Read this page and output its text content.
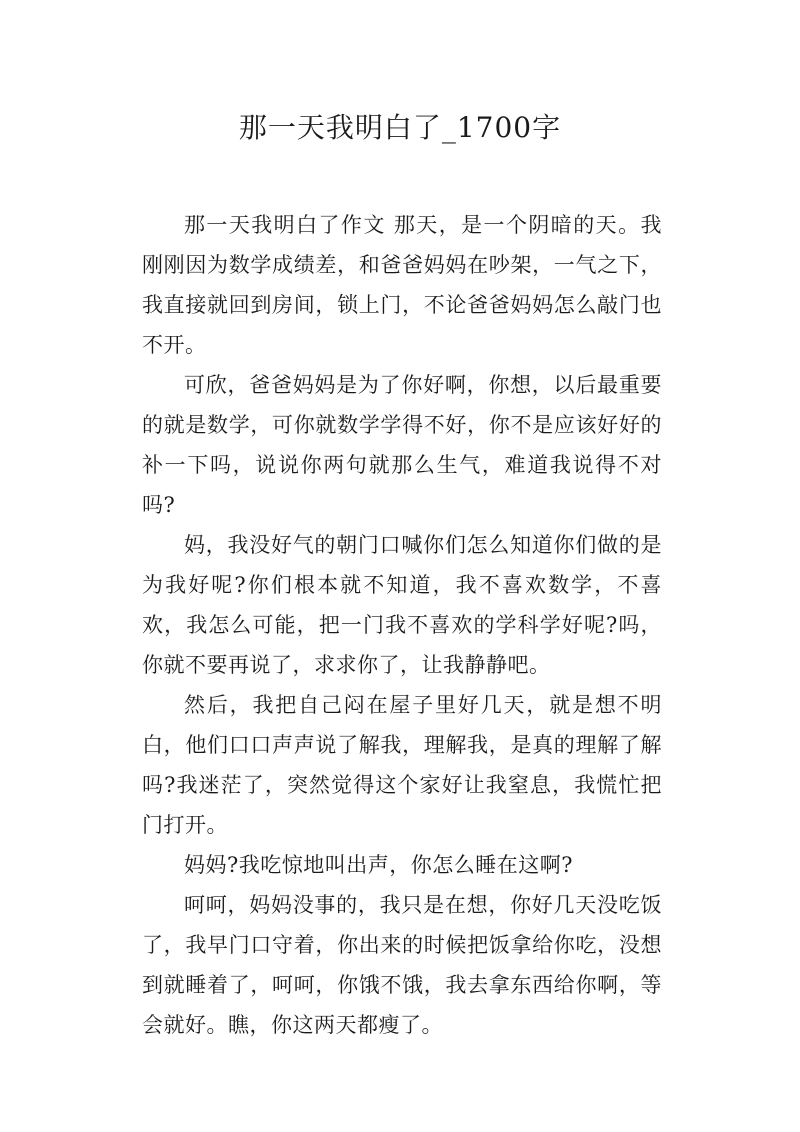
那一天我明白了_1700字

那一天我明白了作文 那天，是一个阴暗的天。我刚刚因为数学成绩差，和爸爸妈妈在吵架，一气之下，我直接就回到房间，锁上门，不论爸爸妈妈怎么敲门也不开。

可欣，爸爸妈妈是为了你好啊，你想，以后最重要的就是数学，可你就数学学得不好，你不是应该好好的补一下吗，说说你两句就那么生气，难道我说得不对吗?

妈，我没好气的朝门口喊你们怎么知道你们做的是为我好呢?你们根本就不知道，我不喜欢数学，不喜欢，我怎么可能，把一门我不喜欢的学科学好呢?吗，你就不要再说了，求求你了，让我静静吧。

然后，我把自己闷在屋子里好几天，就是想不明白，他们口口声声说了解我，理解我，是真的理解了解吗?我迷茫了，突然觉得这个家好让我窒息，我慌忙把门打开。

妈妈?我吃惊地叫出声，你怎么睡在这啊?

呵呵，妈妈没事的，我只是在想，你好几天没吃饭了，我早门口守着，你出来的时候把饭拿给你吃，没想到就睡着了，呵呵，你饿不饿，我去拿东西给你啊，等会就好。瞧，你这两天都瘦了。
